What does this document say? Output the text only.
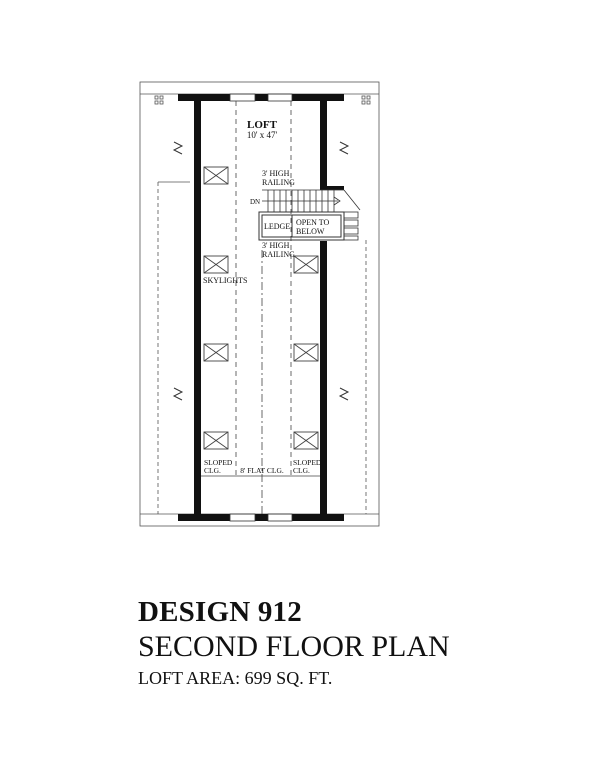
LOFT
10' x 47'
3' HIGH
RAILING
DN
LEDGE OPEN TO
BELOW
3' HIGH
RAILING
SKYLIGHTS
SLOPED
CLG.	8' FLAT CLG.
SLOPED
CLG.
DESIGN 912
SECOND FLOOR PLAN
LOFT AREA: 699 SQ. FT.
